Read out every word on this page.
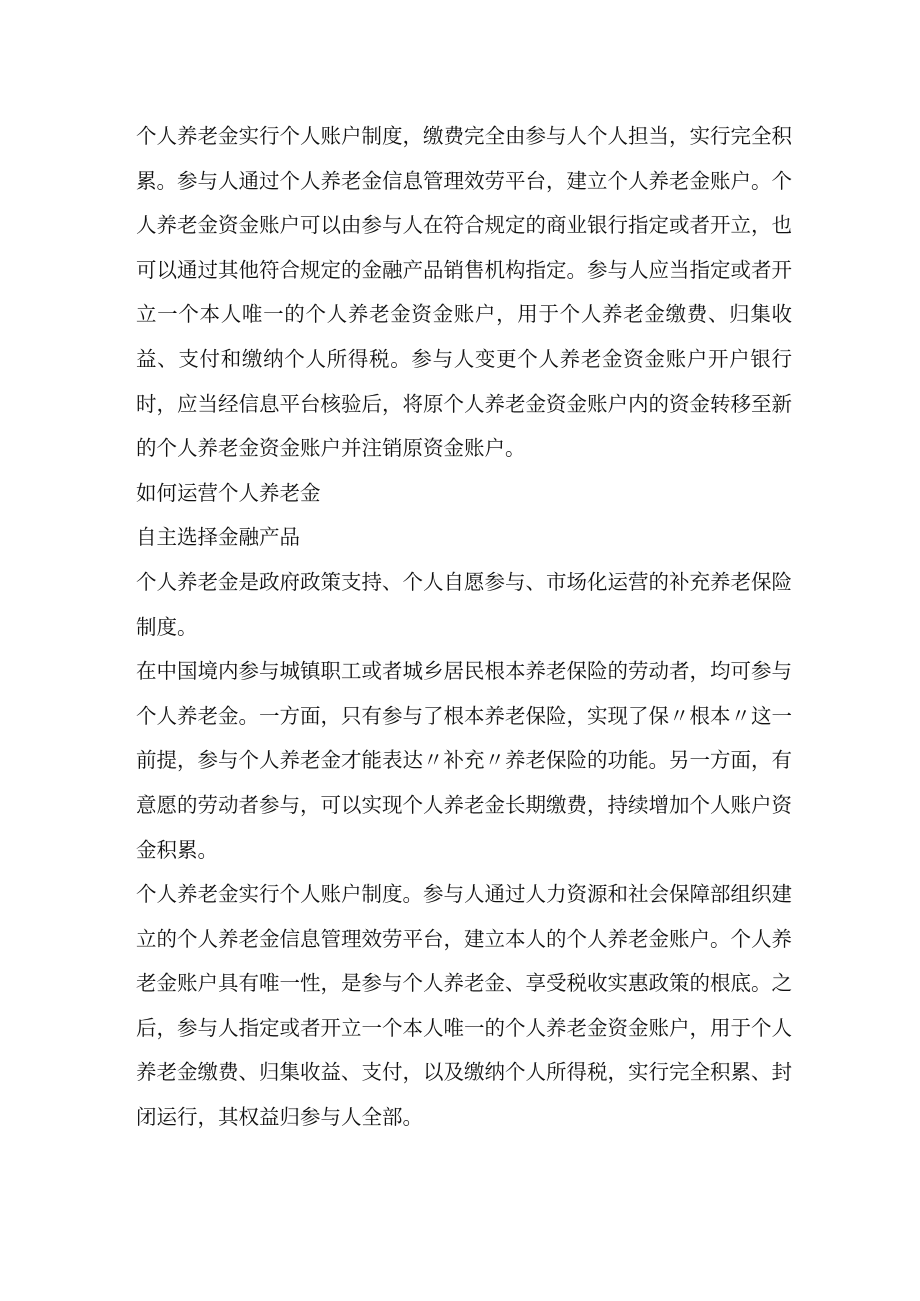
个人养老金实行个人账户制度，缴费完全由参与人个人担当，实行完全积累。参与人通过个人养老金信息管理效劳平台，建立个人养老金账户。个人养老金资金账户可以由参与人在符合规定的商业银行指定或者开立，也可以通过其他符合规定的金融产品销售机构指定。参与人应当指定或者开立一个本人唯一的个人养老金资金账户，用于个人养老金缴费、归集收益、支付和缴纳个人所得税。参与人变更个人养老金资金账户开户银行时，应当经信息平台核验后，将原个人养老金资金账户内的资金转移至新的个人养老金资金账户并注销原资金账户。

如何运营个人养老金

自主选择金融产品

个人养老金是政府政策支持、个人自愿参与、市场化运营的补充养老保险制度。

在中国境内参与城镇职工或者城乡居民根本养老保险的劳动者，均可参与个人养老金。一方面，只有参与了根本养老保险，实现了保〃根本〃这一前提，参与个人养老金才能表达〃补充〃养老保险的功能。另一方面，有意愿的劳动者参与，可以实现个人养老金长期缴费，持续增加个人账户资金积累。

个人养老金实行个人账户制度。参与人通过人力资源和社会保障部组织建立的个人养老金信息管理效劳平台，建立本人的个人养老金账户。个人养老金账户具有唯一性，是参与个人养老金、享受税收实惠政策的根底。之后，参与人指定或者开立一个本人唯一的个人养老金资金账户，用于个人养老金缴费、归集收益、支付，以及缴纳个人所得税，实行完全积累、封闭运行，其权益归参与人全部。
